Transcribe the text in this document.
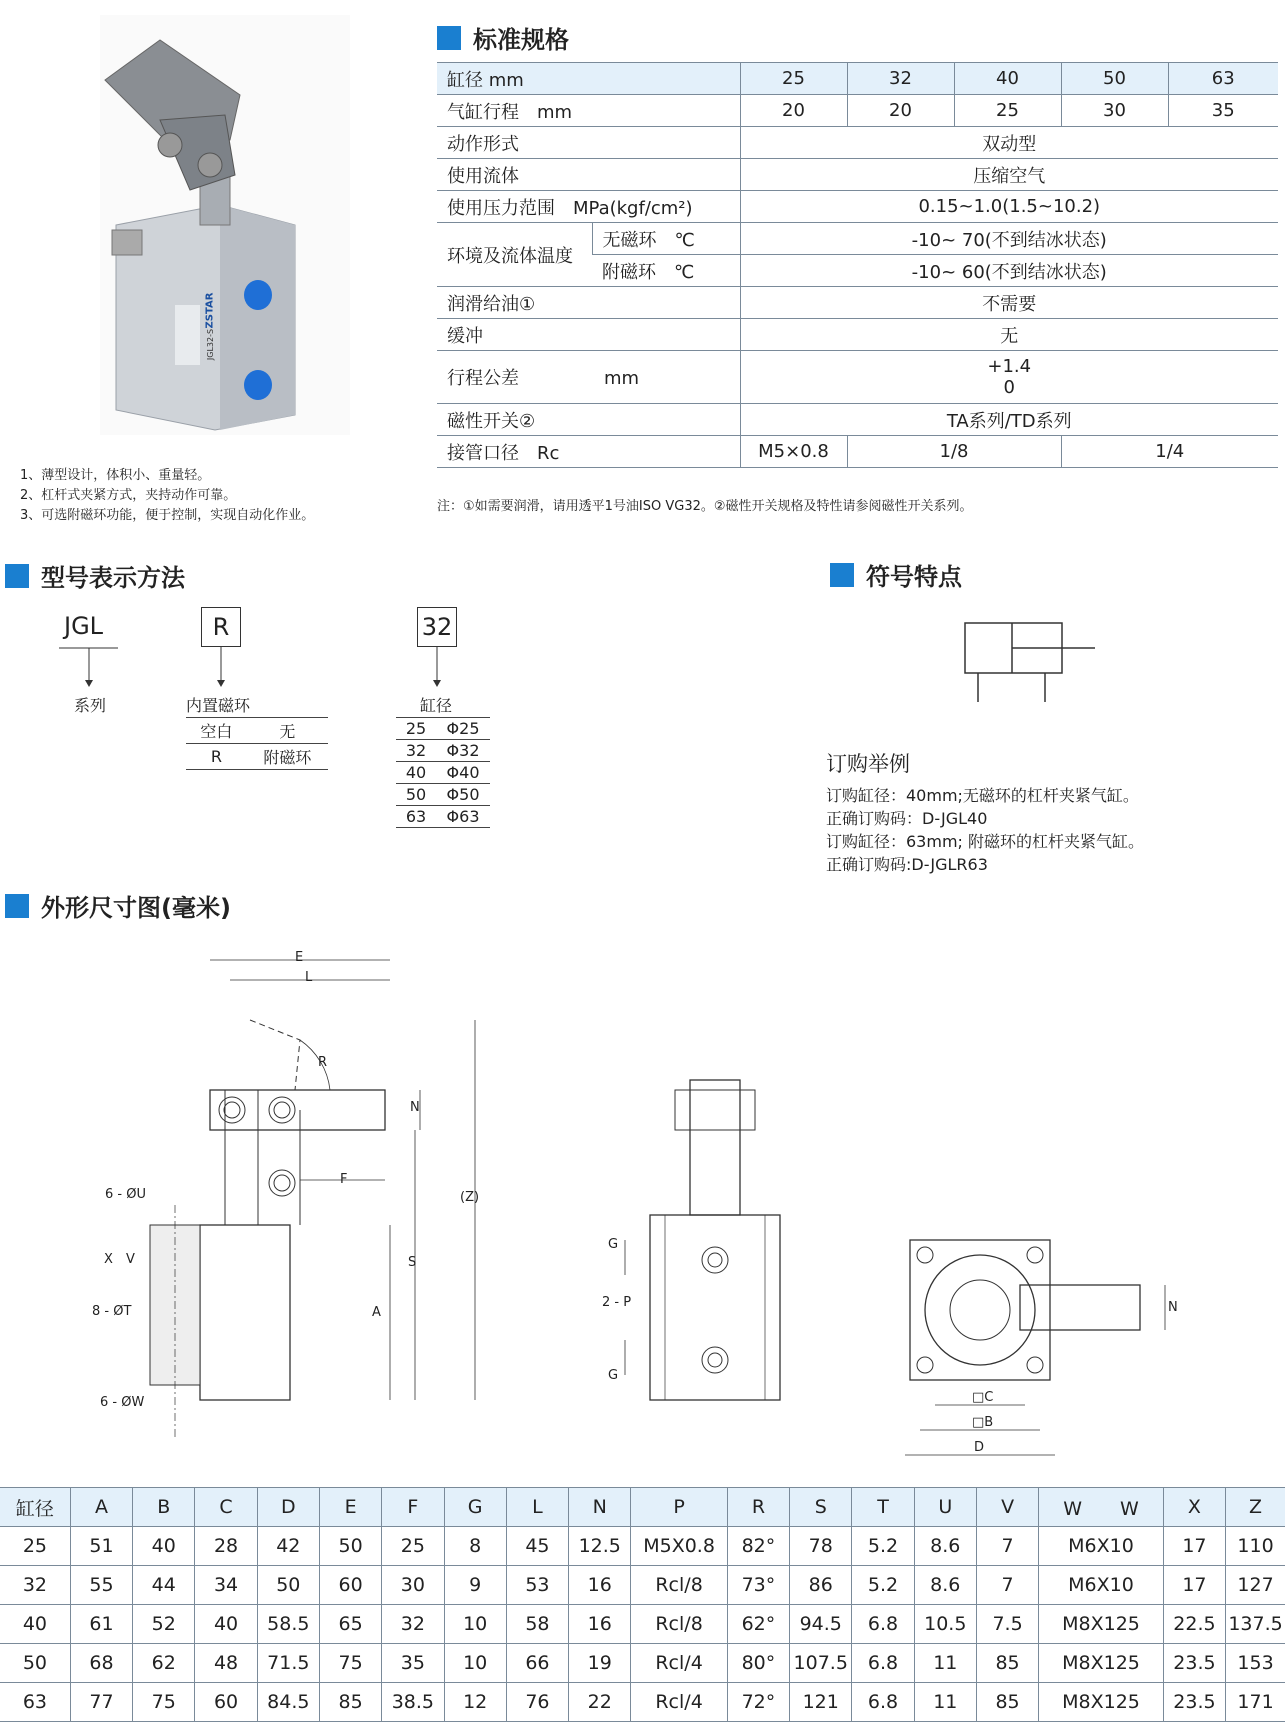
ZSTAR
JGL32-S
1、薄型设计，体积小、重量轻。
2、杠杆式夹紧方式，夹持动作可靠。
3、可选附磁环功能，便于控制，实现自动化作业。
标准规格
缸径 mm		25	32	40	50	63
气缸行程　mm		20	20	25	30	35
动作形式		双动型				
使用流体		压缩空气				
使用压力范围　MPa(kgf/cm²)		0.15~1.0(1.5~10.2)				
环境及流体温度	无磁环　℃	-10~ 70(不到结冰状态)				
	附磁环　℃	-10~ 60(不到结冰状态)				
润滑给油①		不需要				
缓冲		无				
行程公差 mm		+1.4
0				

磁性开关②		TA系列/TD系列				
接管口径　Rc		M5×0.8	1/8		1/4	
注：①如需要润滑，请用透平1号油ISO VG32。②磁性开关规格及特性请参阅磁性开关系列。
型号表示方法
JGL	R	32
系列	内置磁环
空白	无
R	附磁环
缸径
25	Φ25
32	Φ32
40	Φ40
50	Φ50
63	Φ63
符号特点
订购举例
订购缸径：40mm;无磁环的杠杆夹紧气缸。
正确订购码：D-JGL40
订购缸径：63mm; 附磁环的杠杆夹紧气缸。
正确订购码:D-JGLR63
外形尺寸图(毫米)
E
L
R
N
F
(Z)
S
A
6 - ØU
X V
8 - ØT
6 - ØW
G
2 - P
G
N
□C
□B
D
缸径	A	B	C	D	E	F	G	L	N	P	R	S	T	U	V	W　　W	X	Z
25	51	40	28	42	50	25	8	45	12.5	M5X0.8	82°	78	5.2	8.6	7	M6X10	17	110
32	55	44	34	50	60	30	9	53	16	Rcl/8	73°	86	5.2	8.6	7	M6X10	17	127
40	61	52	40	58.5	65	32	10	58	16	Rcl/8	62°	94.5	6.8	10.5	7.5	M8X125	22.5	137.5
50	68	62	48	71.5	75	35	10	66	19	Rcl/4	80°	107.5	6.8	11	85	M8X125	23.5	153
63	77	75	60	84.5	85	38.5	12	76	22	Rcl/4	72°	121	6.8	11	85	M8X125	23.5	171
